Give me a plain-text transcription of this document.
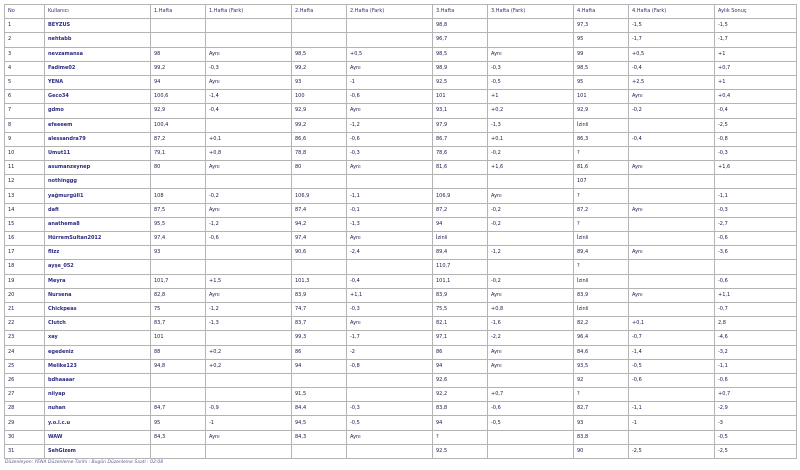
No	Kullanıcı	1.Hafta	1.Hafta (Fark)	2.Hafta	2.Hafta (Fark)	3.Hafta	3.Hafta (Fark)	4.Hafta	4.Hafta (Fark)	Aylık Sonuç
1	BEYZUS					98,8		97,3	-1,5	-1,5
2	nehtabb					96,7		95	-1,7	-1,7
3	nevzamansa	98	Aynı	98,5	+0,5	98,5	Aynı	99	+0,5	+1
4	Fadime02	99,2	-0,3	99,2	Aynı	98,9	-0,3	98,5	-0,4	+0,7
5	YENA	94	Aynı	93	-1	92,5	-0,5	95	+2,5	+1
6	Geco34	100,6	-1,4	100	-0,6	101	+1	101	Aynı	+0,4
7	gdmo	92,9	-0,4	92,9	Aynı	93,1	+0,2	92,9	-0,2	-0,4
8	efeeeem	100,4		99,2	-1,2	97,9	-1,3	İzinli		-2,5
9	alessandra79	87,2	+0,1	86,6	-0,6	86,7	+0,1	86,3	-0,4	-0,8
10	Umut11	79,1	+0,8	78,8	-0,3	78,6	-0,2	?		-0,3
11	asumanzeynep	80	Aynı	80	Aynı	81,6	+1,6	81,6	Aynı	+1,6
12	nothinggg							107		
13	yağmurgüll1	108	-0,2	106,9	-1,1	106,9	Aynı	?		-1,1
14	dafi	87,5	Aynı	87,4	-0,1	87,2	-0,2	87,2	Aynı	-0,3
15	anathema8	95,5	-1,2	94,2	-1,3	94	-0,2	?		-2,7
16	HürremSultan2012	97,4	-0,6	97,4	Aynı	İzinli		İzinli		-0,6
17	flizz	93		90,6	-2,4	89,4	-1,2	89,4	Aynı	-3,6
18	ayşe_052					110,7		?		
19	Meyra	101,7	+1,5	101,3	-0,4	101,1	-0,2	İzinli		-0,6
20	Nursena	82,8	Aynı	83,9	+1,1	83,9	Aynı	83,9	Aynı	+1,1
21	Chickpeas	75	-1,2	74,7	-0,3	75,5	+0,8	İzinli		-0,7
22	Clutch	83,7	-1,3	83,7	Aynı	82,1	-1,6	82,2	+0,1	2,8
23	xay	101		99,3	-1,7	97,1	-2,2	96,4	-0,7	-4,6
24	egedeniz	88	+0,2	86	-2	86	Aynı	84,6	-1,4	-3,2
25	Melike123	94,8	+0,2	94	-0,8	94	Aynı	93,5	-0,5	-1,1
26	bdhaaaar					92,6		92	-0,6	-0,6
27	niiyap			91,5		92,2	+0,7	?		+0,7
28	nuhan	84,7	-0,9	84,4	-0,3	83,8	-0,6	82,7	-1,1	-2,9
29	y.o.l.c.u	95	-1	94,5	-0,5	94	-0,5	93	-1	-3
30	WAW	84,3	Aynı	84,3	Aynı	?		83,8		-0,5
31	SehGizem					92,5		90	-2,5	-2,5
Düzenleyen: YENA Düzenleme Tarihi : Bugün Düzenleme Saati : 02:08
